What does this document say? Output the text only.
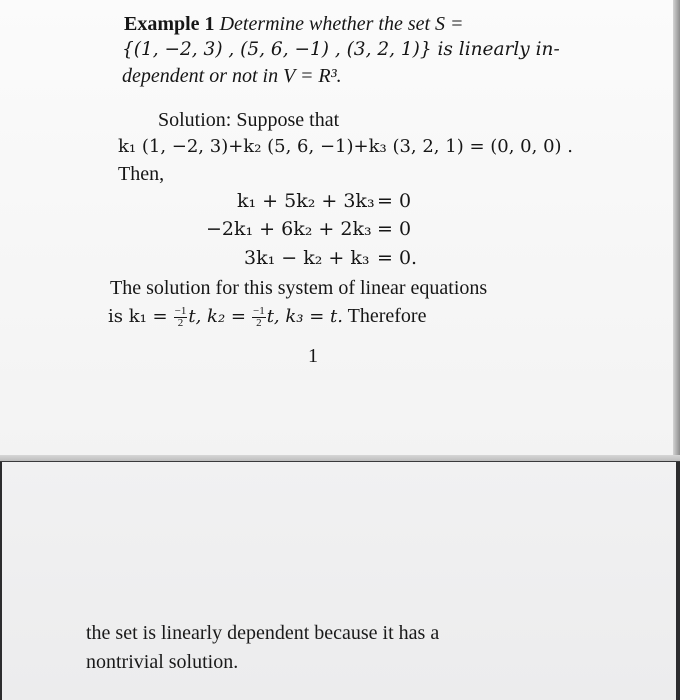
Example 1 Determine whether the set S =
{(1, −2, 3) , (5, 6, −1) , (3, 2, 1)} is linearly in-
dependent or not in V = R³.
Solution: Suppose that
k₁ (1, −2, 3)+k₂ (5, 6, −1)+k₃ (3, 2, 1) = (0, 0, 0) .
Then,
k₁ + 5k₂ + 3k₃ = 0
−2k₁ + 6k₂ + 2k₃ = 0
3k₁ − k₂ + k₃ = 0.
The solution for this system of linear equations
is $k_1 = \frac{-1}{2} t$, $k_2 = \frac{-1}{2} t$, k₃ = t. Therefore
1
the set is linearly dependent because it has a
nontrivial solution.
